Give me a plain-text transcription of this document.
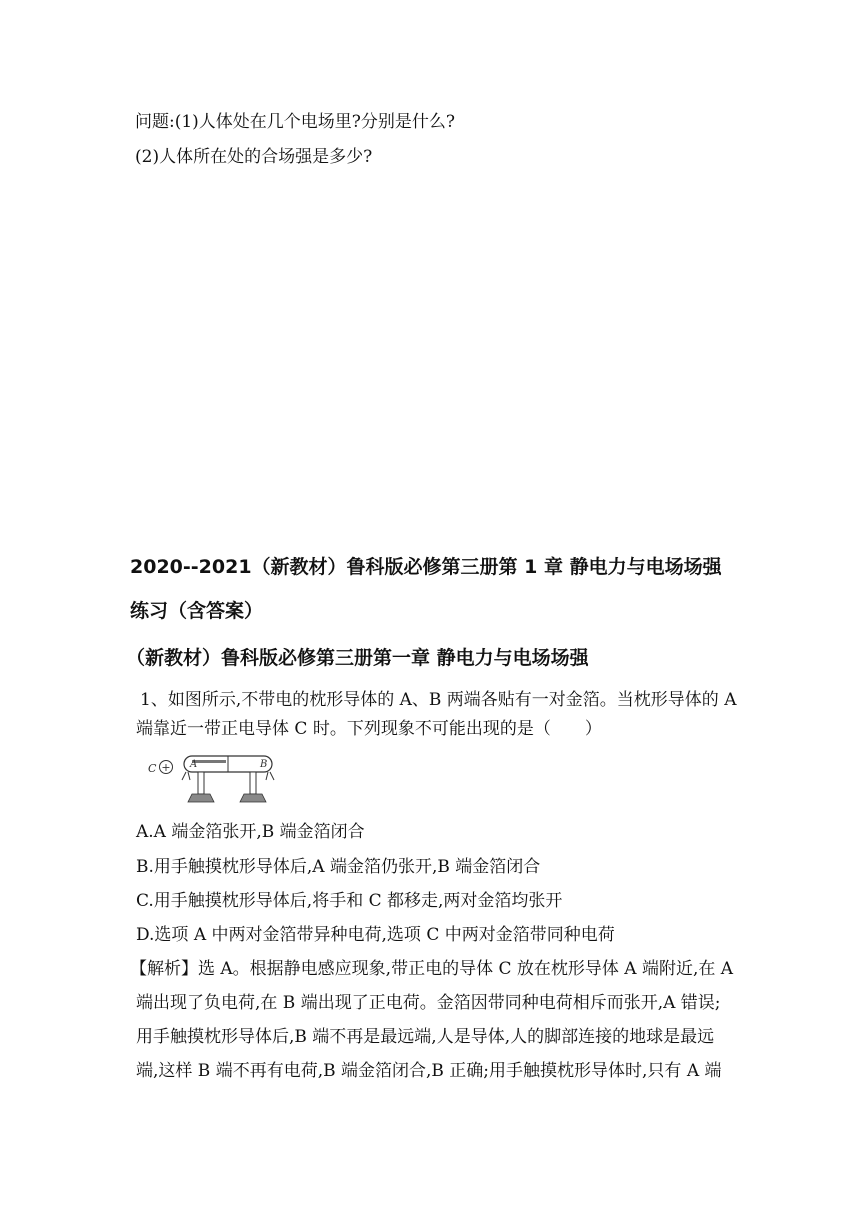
问题:(1)人体处在几个电场里?分别是什么?
(2)人体所在处的合场强是多少?
2020--2021（新教材）鲁科版必修第三册第 1 章 静电力与电场场强
练习（含答案）
（新教材）鲁科版必修第三册第一章 静电力与电场场强
1、如图所示,不带电的枕形导体的 A、B 两端各贴有一对金箔。当枕形导体的 A
端靠近一带正电导体 C 时。下列现象不可能出现的是（　　）
+
C	A	B
A.A 端金箔张开,B 端金箔闭合
B.用手触摸枕形导体后,A 端金箔仍张开,B 端金箔闭合
C.用手触摸枕形导体后,将手和 C 都移走,两对金箔均张开
D.选项 A 中两对金箔带异种电荷,选项 C 中两对金箔带同种电荷
【解析】选 A。根据静电感应现象,带正电的导体 C 放在枕形导体 A 端附近,在 A
端出现了负电荷,在 B 端出现了正电荷。金箔因带同种电荷相斥而张开,A 错误;
用手触摸枕形导体后,B 端不再是最远端,人是导体,人的脚部连接的地球是最远
端,这样 B 端不再有电荷,B 端金箔闭合,B 正确;用手触摸枕形导体时,只有 A 端
